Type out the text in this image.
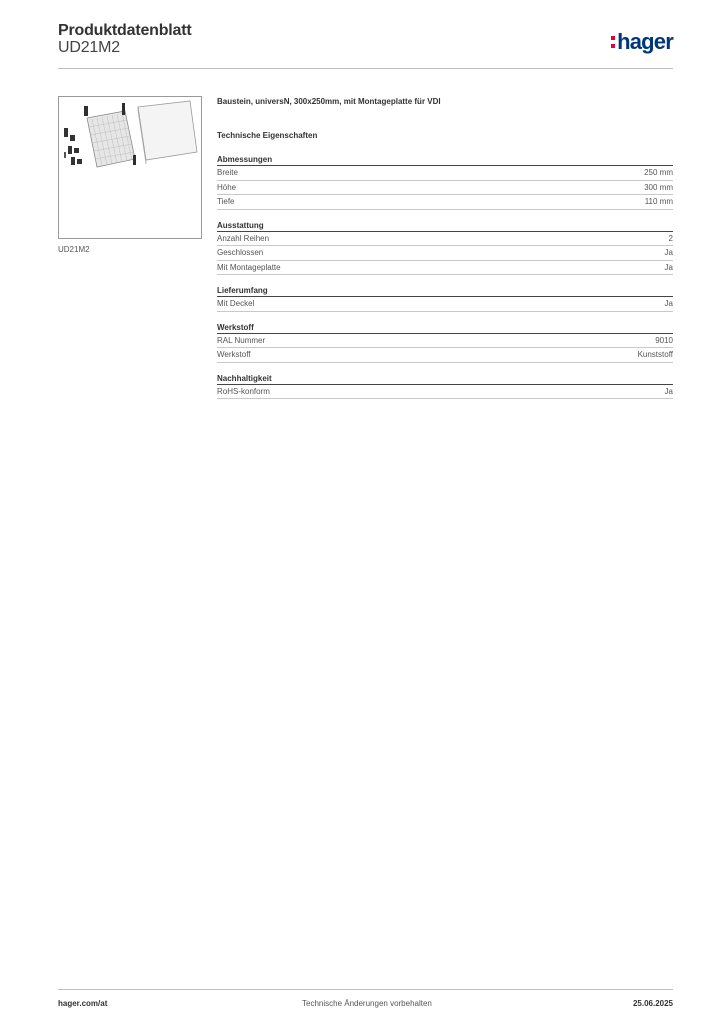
Produktdatenblatt
UD21M2	hager
UD21M2
Baustein, universN, 300x250mm, mit Montageplatte für VDI
Technische Eigenschaften
Abmessungen
Breite	250 mm
Höhe	300 mm
Tiefe	110 mm
Ausstattung
Anzahl Reihen	2
Geschlossen	Ja
Mit Montageplatte	Ja
Lieferumfang
Mit Deckel	Ja
Werkstoff
RAL Nummer	9010
Werkstoff	Kunststoff
Nachhaltigkeit
RoHS-konform	Ja
hager.com/at	Technische Änderungen vorbehalten	25.06.2025
